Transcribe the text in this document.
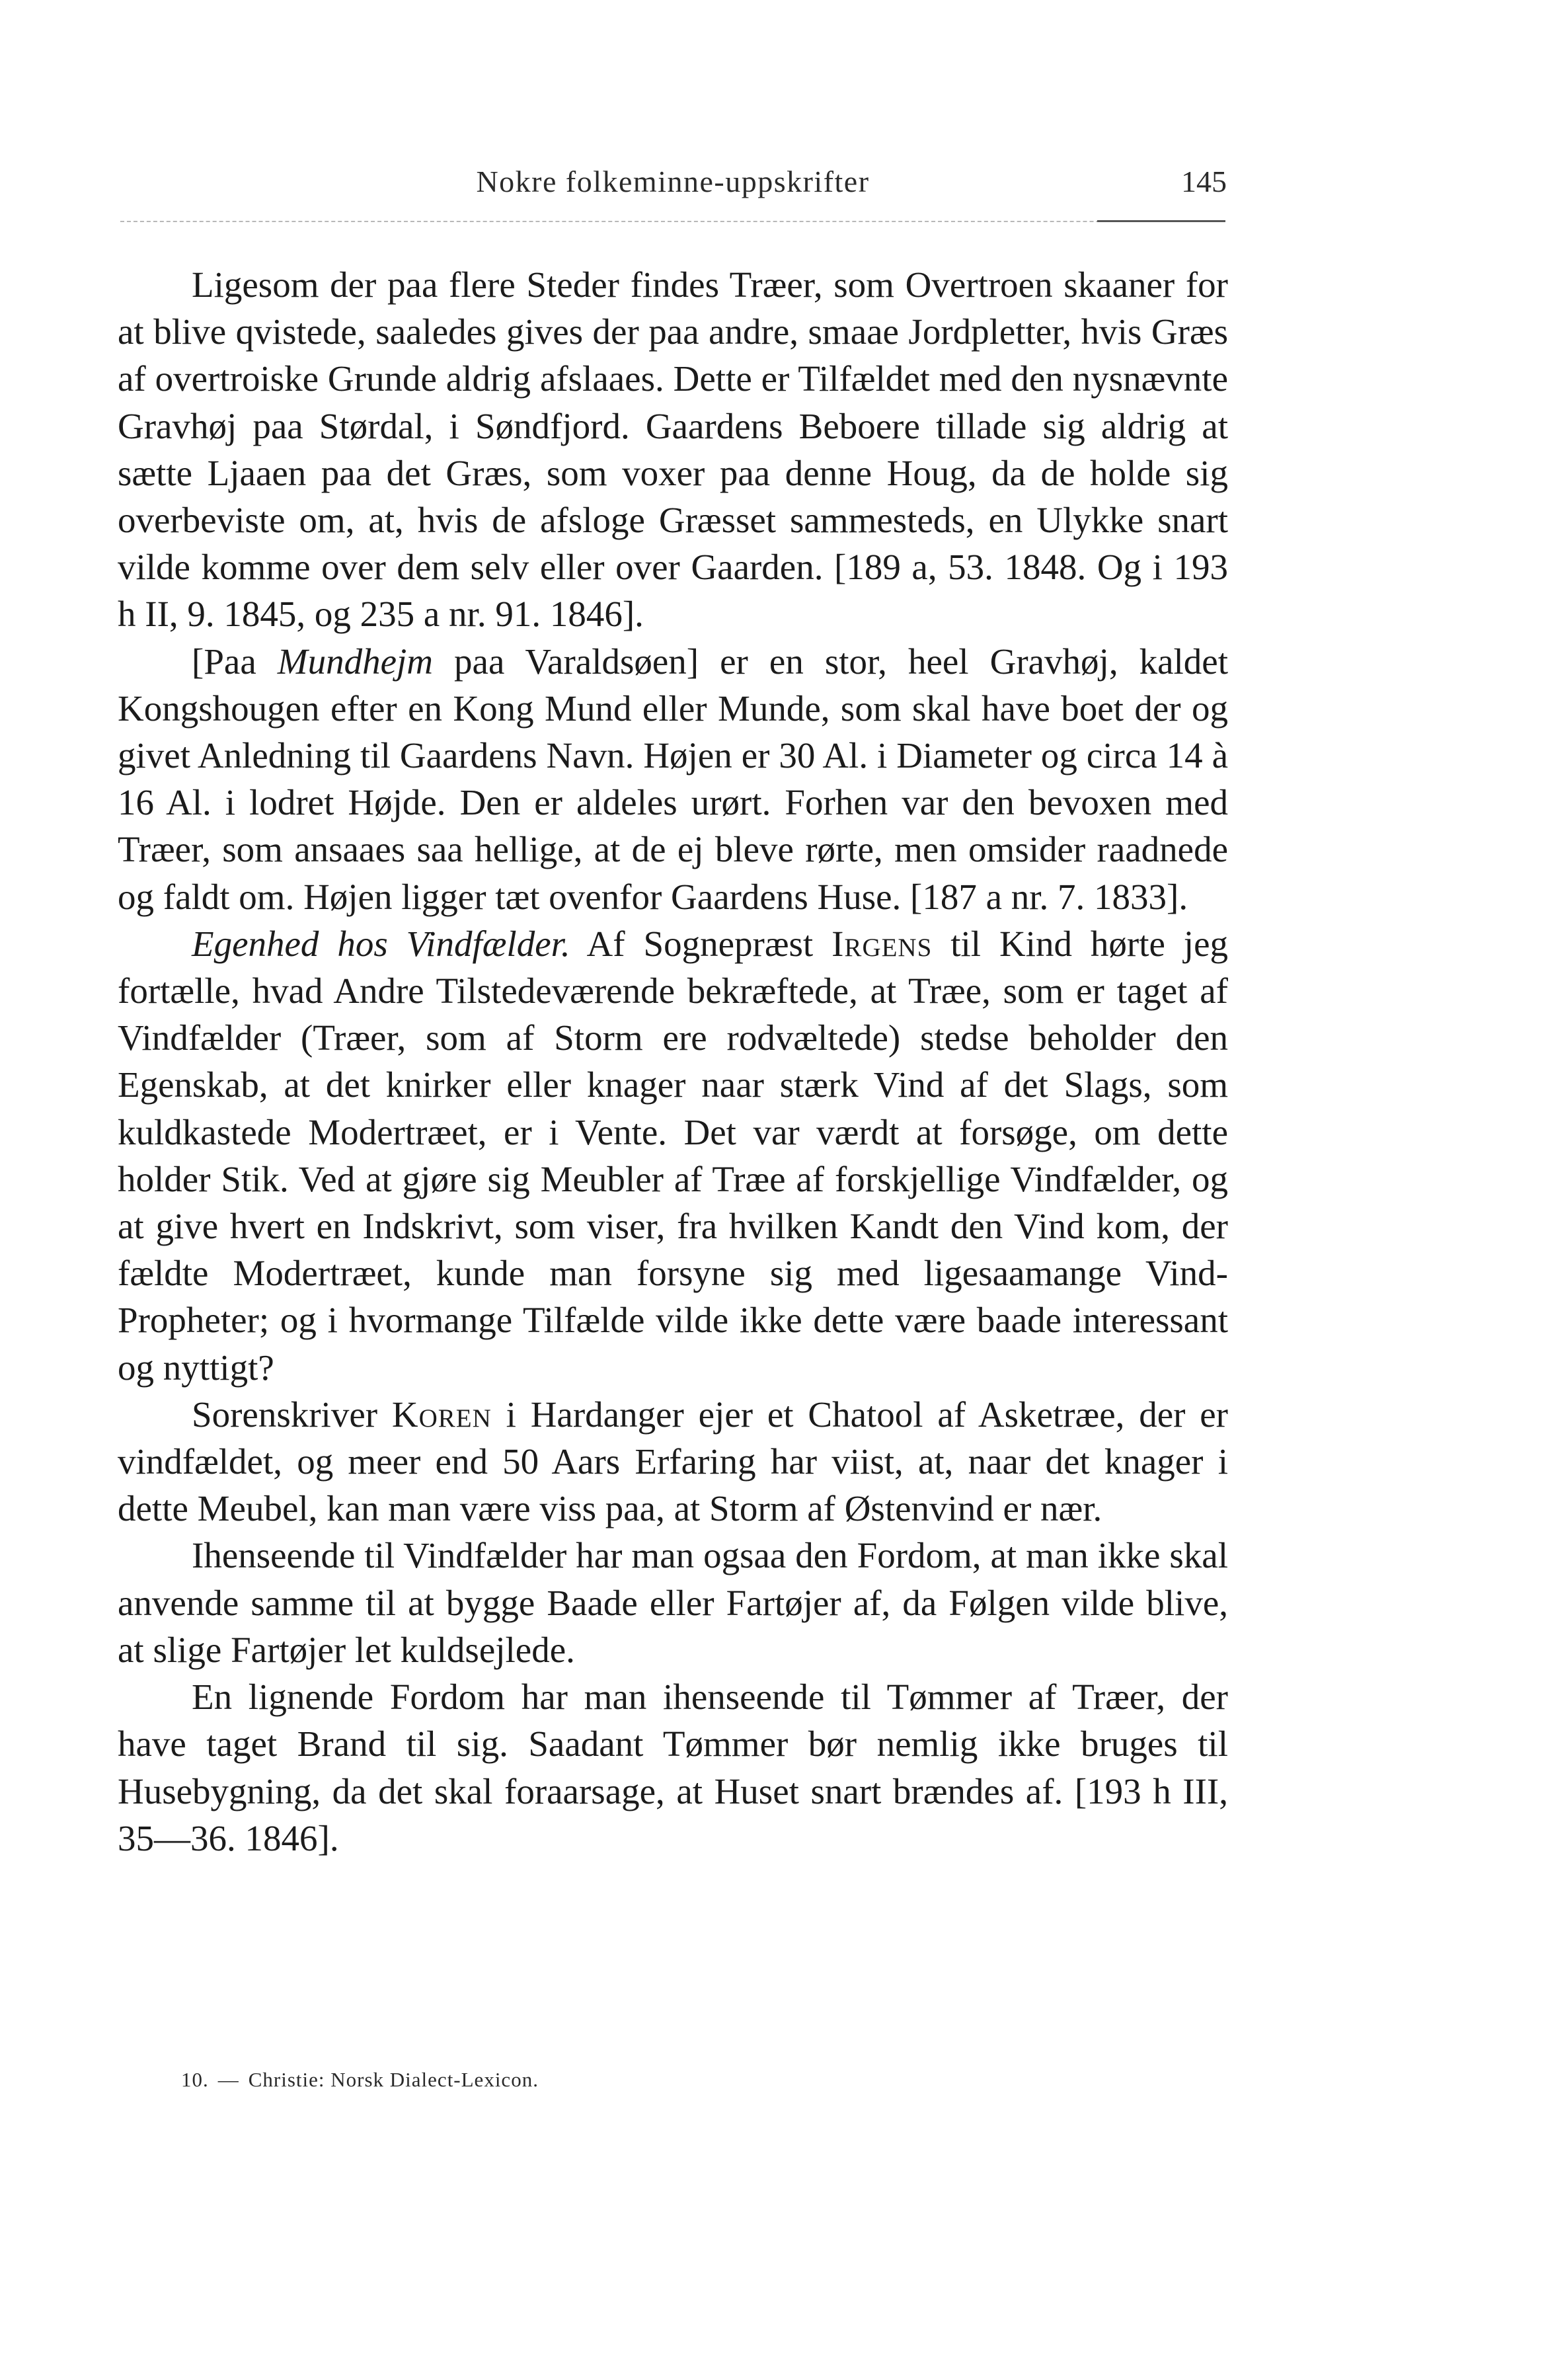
Nokre folkeminne-uppskrifter	145

Ligesom der paa flere Steder findes Træer, som Overtroen skaaner for at blive qvistede, saaledes gives der paa andre, smaae Jordpletter, hvis Græs af overtroiske Grunde aldrig afslaaes. Dette er Tilfældet med den nysnævnte Gravhøj paa Størdal, i Søndfjord. Gaardens Beboere tillade sig aldrig at sætte Ljaaen paa det Græs, som voxer paa denne Houg, da de holde sig overbeviste om, at, hvis de afsloge Græsset sammesteds, en Ulykke snart vilde komme over dem selv eller over Gaarden. [189 a, 53. 1848. Og i 193 h II, 9. 1845, og 235 a nr. 91. 1846].

[Paa Mundhejm paa Varaldsøen] er en stor, heel Gravhøj, kaldet Kongshougen efter en Kong Mund eller Munde, som skal have boet der og givet Anledning til Gaardens Navn. Højen er 30 Al. i Diameter og circa 14 à 16 Al. i lodret Højde. Den er aldeles urørt. Forhen var den bevoxen med Træer, som ansaaes saa hellige, at de ej bleve rørte, men omsider raadnede og faldt om. Højen ligger tæt ovenfor Gaardens Huse. [187 a nr. 7. 1833].

Egenhed hos Vindfælder. Af Sognepræst Irgens til Kind hørte jeg fortælle, hvad Andre Tilstedeværende bekræftede, at Træe, som er taget af Vindfælder (Træer, som af Storm ere rodvæltede) stedse beholder den Egenskab, at det knirker eller knager naar stærk Vind af det Slags, som kuldkastede Modertræet, er i Vente. Det var værdt at forsøge, om dette holder Stik. Ved at gjøre sig Meubler af Træe af forskjellige Vindfælder, og at give hvert en Indskrivt, som viser, fra hvilken Kandt den Vind kom, der fældte Modertræet, kunde man forsyne sig med ligesaamange Vind-Propheter; og i hvormange Tilfælde vilde ikke dette være baade interessant og nyttigt?

Sorenskriver Koren i Hardanger ejer et Chatool af Asketræe, der er vindfældet, og meer end 50 Aars Erfaring har viist, at, naar det knager i dette Meubel, kan man være viss paa, at Storm af Østenvind er nær.

Ihenseende til Vindfælder har man ogsaa den Fordom, at man ikke skal anvende samme til at bygge Baade eller Fartøjer af, da Følgen vilde blive, at slige Fartøjer let kuldsejlede.

En lignende Fordom har man ihenseende til Tømmer af Træer, der have taget Brand til sig. Saadant Tømmer bør nemlig ikke bruges til Husebygning, da det skal foraarsage, at Huset snart brændes af. [193 h III, 35—36. 1846].

10. — Christie: Norsk Dialect-Lexicon.
